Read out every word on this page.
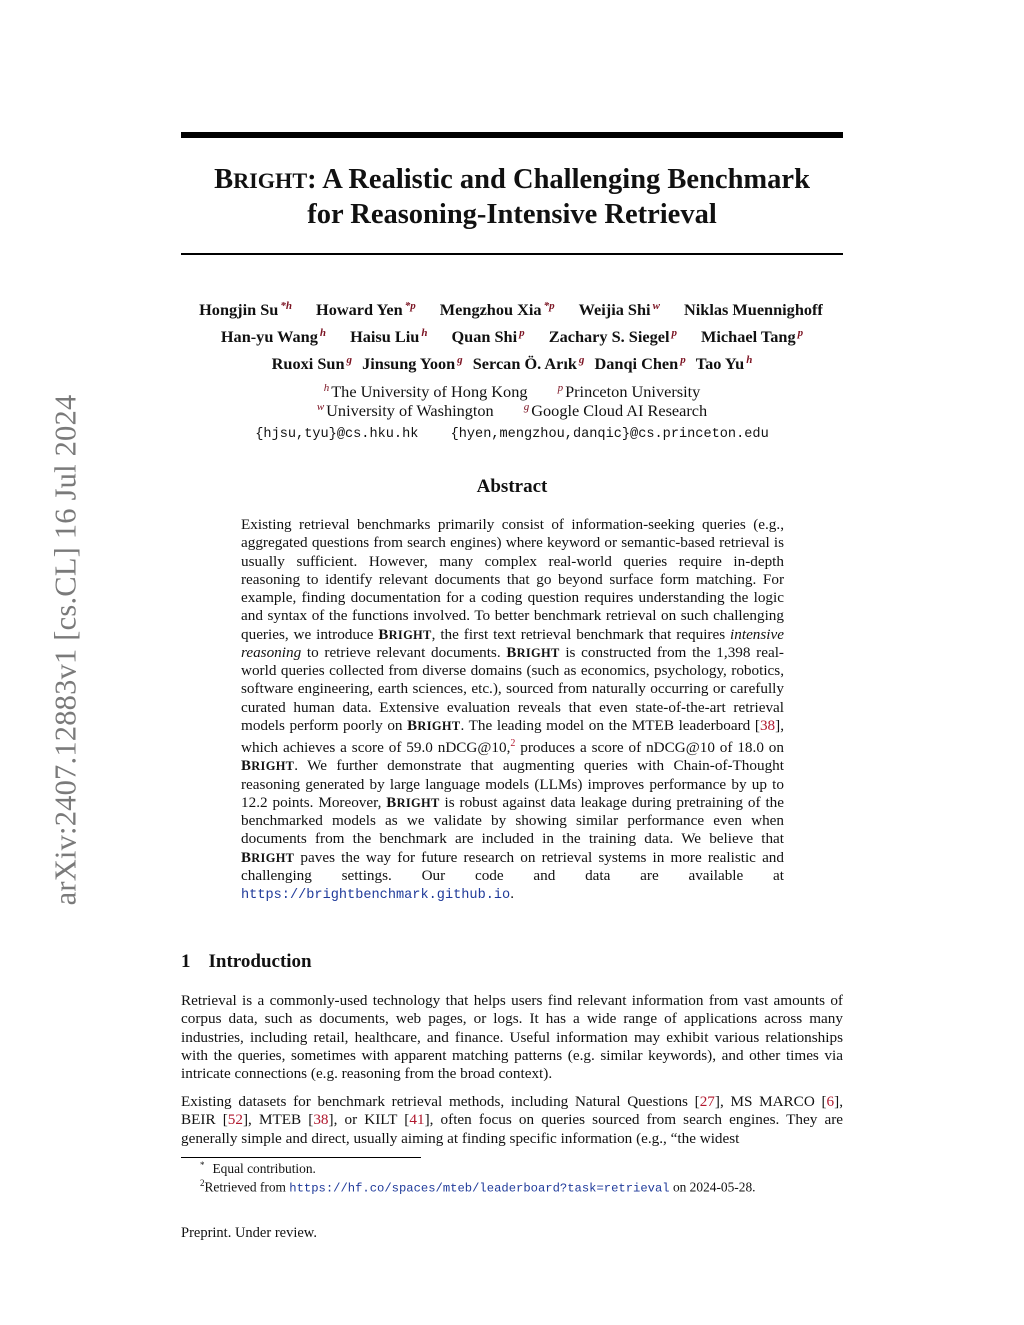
arXiv:2407.12883v1 [cs.CL] 16 Jul 2024
BRIGHT: A Realistic and Challenging Benchmark
for Reasoning-Intensive Retrieval
Hongjin Su $^{*h}$ Howard Yen $^{*p}$ Mengzhou Xia $^{*p}$ Weijia Shi $^w$ Niklas Muennighoff
Han-yu Wang $^h$ Haisu Liu $^h$ Quan Shi $^p$ Zachary S. Siegel $^p$ Michael Tang $^p$
Ruoxi Sun $^g$ Jinsung Yoon $^g$ Sercan Ö. Arık $^g$ Danqi Chen $^p$ Tao Yu $^h$
$^h$ The University of Hong Kong	$^p$ Princeton University
$^w$ University of Washington	$^g$ Google Cloud AI Research
{hjsu,tyu}@cs.hku.hk {hyen,mengzhou,danqic}@cs.princeton.edu
Abstract
Existing retrieval benchmarks primarily consist of information-seeking queries (e.g., aggregated questions from search engines) where keyword or semantic-based retrieval is usually sufficient. However, many complex real-world queries require in-depth reasoning to identify relevant documents that go beyond surface form matching. For example, finding documentation for a coding question requires understanding the logic and syntax of the functions involved. To better benchmark retrieval on such challenging queries, we introduce BRIGHT, the first text retrieval benchmark that requires intensive reasoning to retrieve relevant documents. BRIGHT is constructed from the 1,398 real-world queries collected from diverse domains (such as economics, psychology, robotics, software engineering, earth sciences, etc.), sourced from naturally occurring or carefully curated human data. Extensive evaluation reveals that even state-of-the-art retrieval models perform poorly on BRIGHT. The leading model on the MTEB leaderboard [38], which achieves a score of 59.0 nDCG@10,$^2$ produces a score of nDCG@10 of 18.0 on BRIGHT. We further demonstrate that augmenting queries with Chain-of-Thought reasoning generated by large language models (LLMs) improves performance by up to 12.2 points. Moreover, BRIGHT is robust against data leakage during pretraining of the benchmarked models as we validate by showing similar performance even when documents from the benchmark are included in the training data. We believe that BRIGHT paves the way for future research on retrieval systems in more realistic and challenging settings. Our code and data are available at https://brightbenchmark.github.io.
1 Introduction
Retrieval is a commonly-used technology that helps users find relevant information from vast amounts of corpus data, such as documents, web pages, or logs. It has a wide range of applications across many industries, including retail, healthcare, and finance. Useful information may exhibit various relationships with the queries, sometimes with apparent matching patterns (e.g. similar keywords), and other times via intricate connections (e.g. reasoning from the broad context).
Existing datasets for benchmark retrieval methods, including Natural Questions [27], MS MARCO [6], BEIR [52], MTEB [38], or KILT [41], often focus on queries sourced from search engines. They are generally simple and direct, usually aiming at finding specific information (e.g., “the widest
* Equal contribution.
$^2$Retrieved from https://hf.co/spaces/mteb/leaderboard?task=retrieval on 2024-05-28.
Preprint. Under review.
